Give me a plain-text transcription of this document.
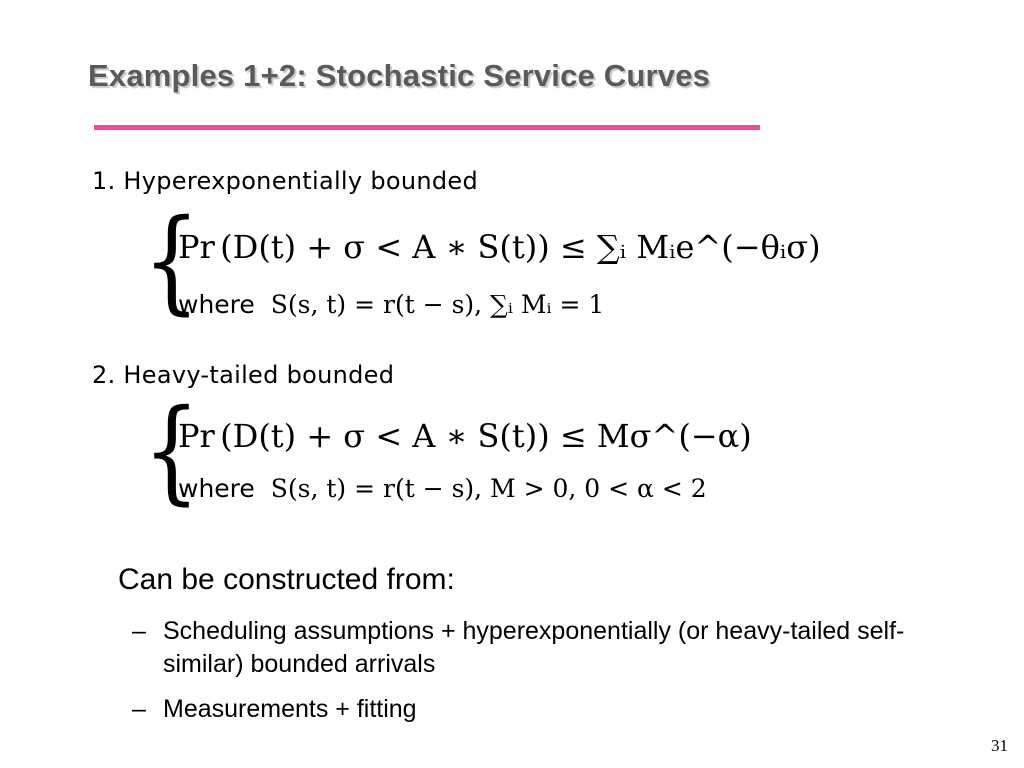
Examples 1+2: Stochastic Service Curves
1. Hyperexponentially bounded
{
Pr (D(t) + σ < A ∗ S(t)) ≤ ∑ᵢ Mᵢe^(−θᵢσ)
where S(s, t) = r(t − s), ∑ᵢ Mᵢ = 1
2. Heavy-tailed bounded
{
Pr (D(t) + σ < A ∗ S(t)) ≤ Mσ^(−α)
where S(s, t) = r(t − s), M > 0, 0 < α < 2
Can be constructed from:
– Scheduling assumptions + hyperexponentially (or heavy-tailed self-similar) bounded arrivals
– Measurements + fitting
31
